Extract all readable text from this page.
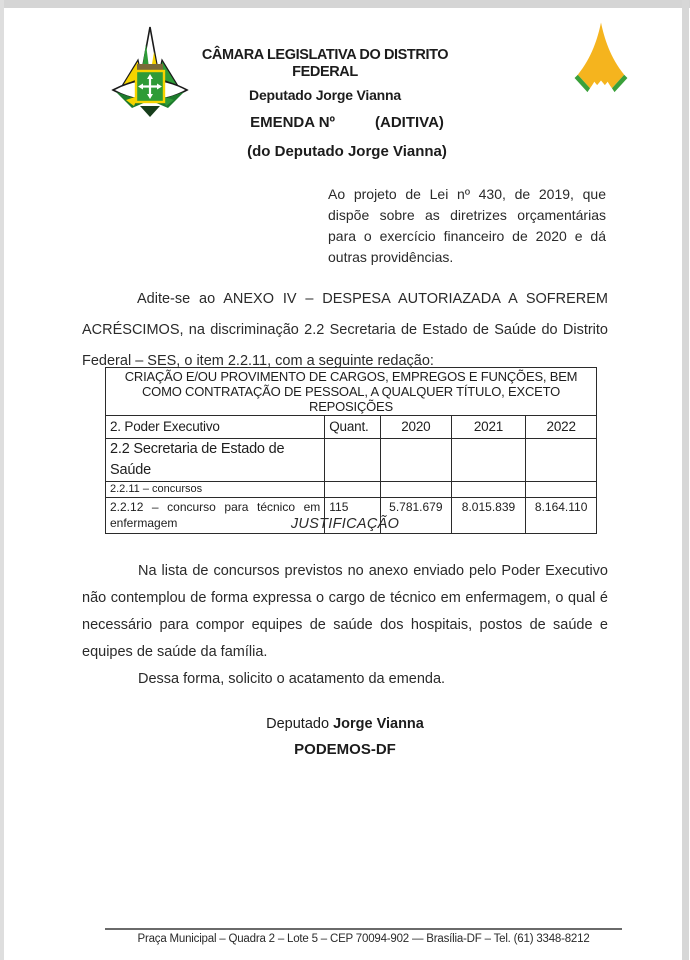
CÂMARA LEGISLATIVA DO DISTRITO FEDERAL
Deputado Jorge Vianna
EMENDA Nº	(ADITIVA)
(do Deputado Jorge Vianna)
Ao projeto de Lei nº 430, de 2019, que dispõe sobre as diretrizes orçamentárias para o exercício financeiro de 2020 e dá outras providências.
Adite-se ao ANEXO IV – DESPESA AUTORIAZADA A SOFREREM ACRÉSCIMOS, na discriminação 2.2 Secretaria de Estado de Saúde do Distrito Federal – SES, o item 2.2.11, com a seguinte redação:
CRIAÇÃO E/OU PROVIMENTO DE CARGOS, EMPREGOS E FUNÇÕES, BEM COMO CONTRATAÇÃO DE PESSOAL, A QUALQUER TÍTULO, EXCETO REPOSIÇÕES				
2. Poder Executivo	Quant.	2020	2021	2022
2.2 Secretaria de Estado de Saúde				
2.2.11 – concursos				
2.2.12 – concurso para técnico em enfermagem	115	5.781.679	8.015.839	8.164.110
JUSTIFICAÇÃO

Na lista de concursos previstos no anexo enviado pelo Poder Executivo não contemplou de forma expressa o cargo de técnico em enfermagem, o qual é necessário para compor equipes de saúde dos hospitais, postos de saúde e equipes de saúde da família.

Dessa forma, solicito o acatamento da emenda.

Deputado Jorge Vianna
PODEMOS-DF
Praça Municipal – Quadra 2 – Lote 5 – CEP 70094-902 — Brasília-DF – Tel. (61) 3348-8212
